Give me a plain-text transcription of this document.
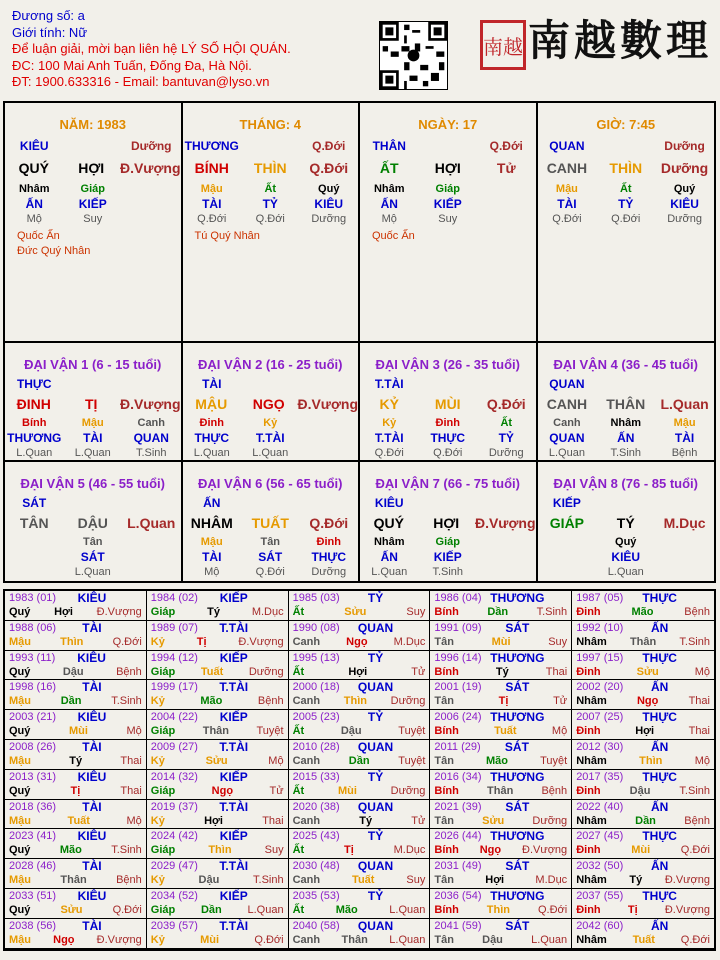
Đương số: a
Giới tính: Nữ
Để luận giải, mời bạn liên hệ LÝ SỐ HỘI QUÁN.
ĐC: 100 Mai Anh Tuấn, Đống Đa, Hà Nội.
ĐT: 1900.633316 - Email: bantuvan@lyso.vn
南越 南越數理
NĂM: 1983
KIÊU	Dưỡng
QUÝ	HỢI	Đ.Vượng
Nhâm	Giáp
ẤN	KIẾP
Mộ	Suy
Quốc Ấn
Đức Quý Nhân
THÁNG: 4
THƯƠNG	Q.Đới
BÍNH	THÌN	Q.Đới
Mậu	Ất	Quý
TÀI	TỶ	KIÊU
Q.Đới	Q.Đới	Dưỡng
Tú Quý Nhân
NGÀY: 17
THÂN	Q.Đới
ẤT	HỢI	Tử
Nhâm	Giáp
ẤN	KIẾP
Mộ	Suy
Quốc Ấn
GIỜ: 7:45
QUAN	Dưỡng
CANH	THÌN	Dưỡng
Mậu	Ất	Quý
TÀI	TỶ	KIÊU
Q.Đới	Q.Đới	Dưỡng
ĐẠI VẬN 1 (6 - 15 tuổi)
THỰC
ĐINH	TỊ	Đ.Vượng
Bính	Mậu	Canh
THƯƠNG	TÀI	QUAN
L.Quan	L.Quan	T.Sinh
ĐẠI VẬN 2 (16 - 25 tuổi)
TÀI
MẬU	NGỌ Đ.Vượng
Đinh	Kỷ
THỰC	T.TÀI
L.Quan	L.Quan
ĐẠI VẬN 3 (26 - 35 tuổi)
T.TÀI
KỶ	MÙI	Q.Đới
Kỷ	Đinh	Ất
T.TÀI	THỰC	TỶ
Q.Đới	Q.Đới	Dưỡng
ĐẠI VẬN 4 (36 - 45 tuổi)
QUAN
CANH	THÂN	L.Quan
Canh	Nhâm	Mậu
QUAN	ẤN	TÀI
L.Quan	T.Sinh	Bệnh
ĐẠI VẬN 5 (46 - 55 tuổi)
SÁT
TÂN	DẬU	L.Quan
Tân
SÁT
L.Quan
ĐẠI VẬN 6 (56 - 65 tuổi)
ẤN
NHÂM	TUẤT	Q.Đới
Mậu	Tân	Đinh
TÀI	SÁT	THỰC
Mộ	Q.Đới	Dưỡng
ĐẠI VẬN 7 (66 - 75 tuổi)
KIÊU
QUÝ	HỢI	Đ.Vượng
Nhâm	Giáp
ẤN	KIẾP
L.Quan	T.Sinh
ĐẠI VẬN 8 (76 - 85 tuổi)
KIẾP
GIÁP	TÝ	M.Dục
Quý
KIÊU
L.Quan
1983 (01)	KIÊU
Quý Hợi Đ.Vượng
1984 (02)	KIẾP
Giáp	Tý	M.Dục
1985 (03)	TỶ
Ất	Sửu	Suy
1986 (04) THƯƠNG
Bính	Dần	T.Sinh
1987 (05)	THỰC
Đinh	Mão	Bệnh
1988 (06)	TÀI
Mậu	Thìn	Q.Đới
1989 (07)	T.TÀI
Kỷ	Tị	Đ.Vượng
1990 (08)	QUAN
Canh Ngọ M.Dục
1991 (09)	SÁT
Tân	Mùi	Suy
1992 (10)	ẤN
Nhâm Thân T.Sinh
1993 (11)	KIÊU
Quý	Dậu	Bệnh
1994 (12)	KIẾP
Giáp Tuất Dưỡng
1995 (13)	TỶ
Ất	Hợi	Tử
1996 (14) THƯƠNG
Bính	Tý	Thai
1997 (15)	THỰC
Đinh	Sửu	Mộ
1998 (16)	TÀI
Mậu	Dần	T.Sinh
1999 (17)	T.TÀI
Kỷ	Mão	Bệnh
2000 (18)	QUAN
Canh Thìn Dưỡng
2001 (19)	SÁT
Tân	Tị	Tử
2002 (20)	ẤN
Nhâm	Ngọ	Thai
2003 (21)	KIÊU
Quý	Mùi	Mộ
2004 (22)	KIẾP
Giáp Thân Tuyệt
2005 (23)	TỶ
Ất	Dậu	Tuyệt
2006 (24) THƯƠNG
Bính	Tuất	Mộ
2007 (25)	THỰC
Đinh	Hợi	Thai
2008 (26)	TÀI
Mậu	Tý	Thai
2009 (27)	T.TÀI
Kỷ	Sửu	Mộ
2010 (28)	QUAN
Canh	Dần	Tuyệt
2011 (29)	SÁT
Tân	Mão	Tuyệt
2012 (30)	ẤN
Nhâm	Thìn	Mộ
2013 (31)	KIÊU
Quý	Tị	Thai
2014 (32)	KIẾP
Giáp	Ngọ	Tử
2015 (33)	TỶ
Ất	Mùi	Dưỡng
2016 (34) THƯƠNG
Bính	Thân	Bệnh
2017 (35)	THỰC
Đinh	Dậu	T.Sinh
2018 (36)	TÀI
Mậu	Tuất	Mộ
2019 (37)	T.TÀI
Kỷ	Hợi	Thai
2020 (38)	QUAN
Canh	Tý	Tử
2021 (39)	SÁT
Tân	Sửu	Dưỡng
2022 (40)	ẤN
Nhâm	Dần	Bệnh
2023 (41)	KIÊU
Quý	Mão	T.Sinh
2024 (42)	KIẾP
Giáp	Thìn	Suy
2025 (43)	TỶ
Ất	Tị	M.Dục
2026 (44) THƯƠNG
Bính Ngọ Đ.Vượng
2027 (45)	THỰC
Đinh	Mùi	Q.Đới
2028 (46)	TÀI
Mậu	Thân	Bệnh
2029 (47)	T.TÀI
Kỷ	Dậu	T.Sinh
2030 (48)	QUAN
Canh	Tuất	Suy
2031 (49)	SÁT
Tân	Hợi	M.Dục
2032 (50)	ẤN
Nhâm Tý Đ.Vượng
2033 (51)	KIÊU
Quý	Sửu	Q.Đới
2034 (52)	KIẾP
Giáp Dần L.Quan
2035 (53)	TỶ
Ất	Mão	L.Quan
2036 (54) THƯƠNG
Bính	Thìn	Q.Đới
2037 (55)	THỰC
Đinh Tị Đ.Vượng
2038 (56)	TÀI
Mậu Ngọ Đ.Vượng
2039 (57)	T.TÀI
Kỷ	Mùi	Q.Đới
2040 (58)	QUAN
Canh Thân L.Quan
2041 (59)	SÁT
Tân	Dậu	L.Quan
2042 (60)	ẤN
Nhâm Tuất Q.Đới
